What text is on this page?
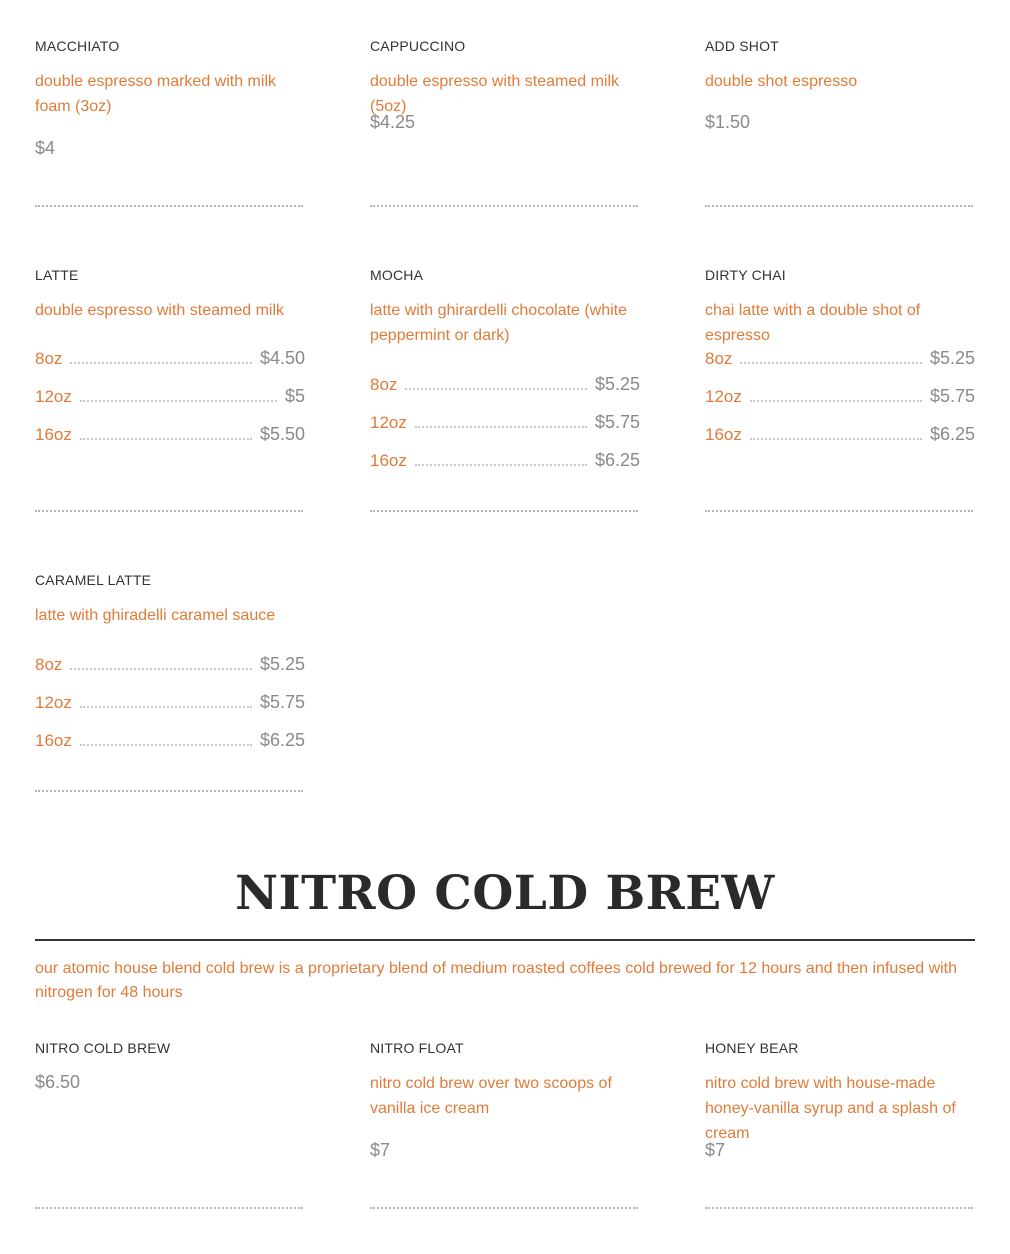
MACCHIATO
double espresso marked with milk foam (3oz)
$4
CAPPUCCINO
double espresso with steamed milk (5oz)
$4.25
ADD SHOT
double shot espresso
$1.50
LATTE
double espresso with steamed milk
8oz	$4.50
12oz	$5
16oz	$5.50
MOCHA
latte with ghirardelli chocolate (white peppermint or dark)
8oz	$5.25
12oz	$5.75
16oz	$6.25
DIRTY CHAI
chai latte with a double shot of espresso
8oz	$5.25
12oz	$5.75
16oz	$6.25
CARAMEL LATTE
latte with ghiradelli caramel sauce
8oz	$5.25
12oz	$5.75
16oz	$6.25
NITRO COLD BREW
our atomic house blend cold brew is a proprietary blend of medium roasted coffees cold brewed for 12 hours and then infused with nitrogen for 48 hours
NITRO COLD BREW
$6.50
NITRO FLOAT
nitro cold brew over two scoops of vanilla ice cream
$7
HONEY BEAR
nitro cold brew with house-made honey-vanilla syrup and a splash of cream
$7
